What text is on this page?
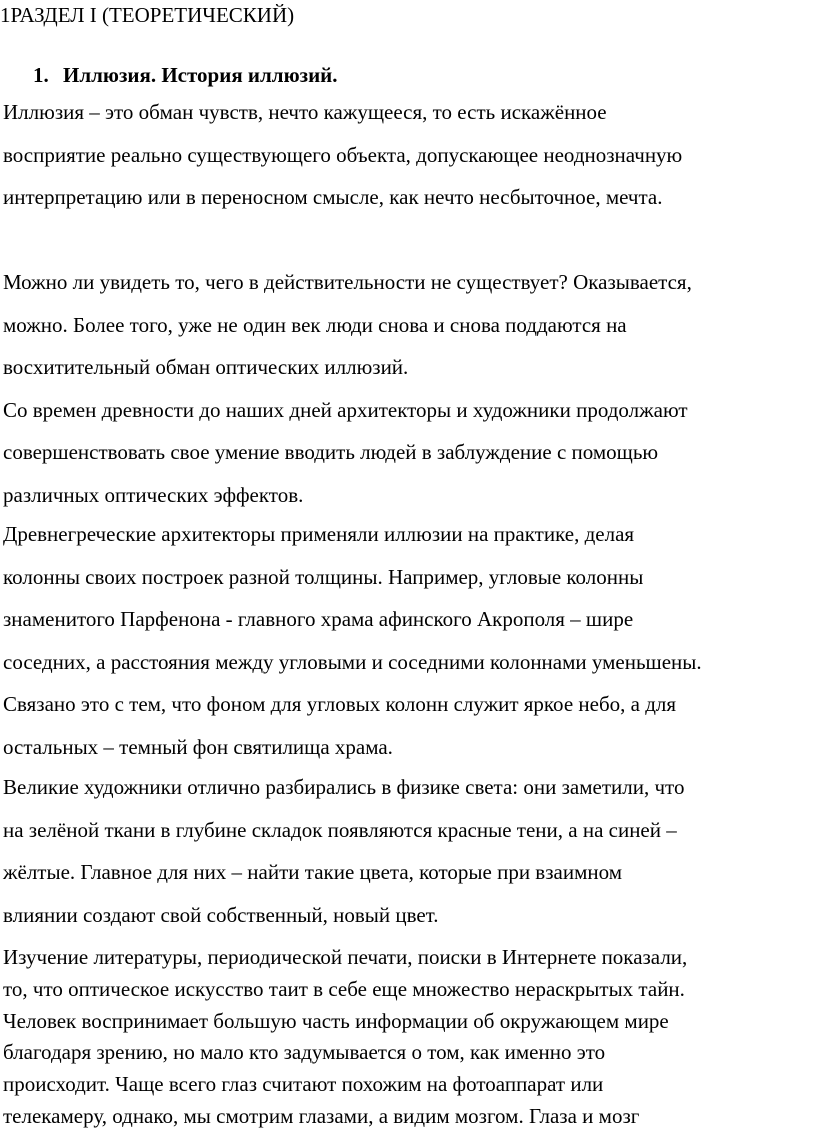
1РАЗДЕЛ I (ТЕОРЕТИЧЕСКИЙ)
1. Иллюзия. История иллюзий.
Иллюзия – это обман чувств, нечто кажущееся, то есть искажённое
восприятие реально существующего объекта, допускающее неоднозначную
интерпретацию или в переносном смысле, как нечто несбыточное, мечта.
Можно ли увидеть то, чего в действительности не существует? Оказывается,
можно. Более того, уже не один век люди снова и снова поддаются на
восхитительный обман оптических иллюзий.
Со времен древности до наших дней архитекторы и художники продолжают
совершенствовать свое умение вводить людей в заблуждение с помощью
различных оптических эффектов.
Древнегреческие архитекторы применяли иллюзии на практике, делая
колонны своих построек разной толщины. Например, угловые колонны
знаменитого Парфенона - главного храма афинского Акрополя – шире
соседних, а расстояния между угловыми и соседними колоннами уменьшены.
Связано это с тем, что фоном для угловых колонн служит яркое небо, а для
остальных – темный фон святилища храма.
Великие художники отлично разбирались в физике света: они заметили, что
на зелёной ткани в глубине складок появляются красные тени, а на синей –
жёлтые. Главное для них – найти такие цвета, которые при взаимном
влиянии создают свой собственный, новый цвет.
Изучение литературы, периодической печати, поиски в Интернете показали,
то, что оптическое искусство таит в себе еще множество нераскрытых тайн.
Человек воспринимает большую часть информации об окружающем мире
благодаря зрению, но мало кто задумывается о том, как именно это
происходит. Чаще всего глаз считают похожим на фотоаппарат или
телекамеру, однако, мы смотрим глазами, а видим мозгом. Глаза и мозг
